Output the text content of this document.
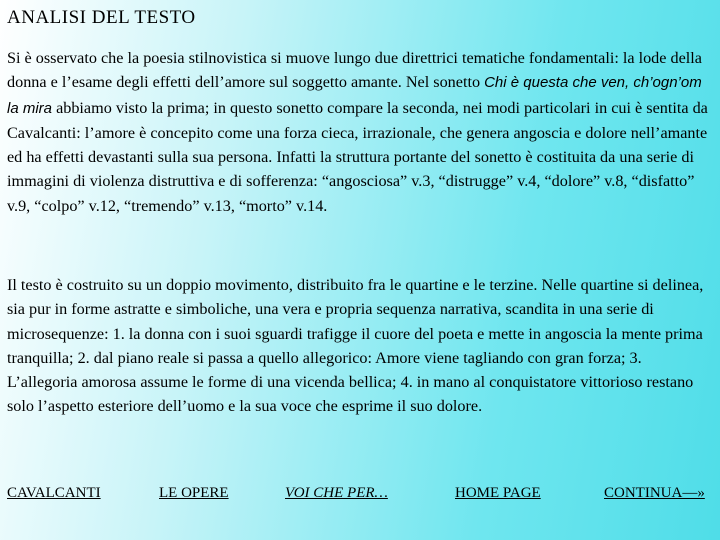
ANALISI DEL TESTO

Si è osservato che la poesia stilnovistica si muove lungo due direttrici tematiche fondamentali: la lode della donna e l’esame degli effetti dell’amore sul soggetto amante. Nel sonetto Chi è questa che ven, ch’ogn’om la mira abbiamo visto la prima; in questo sonetto compare la seconda, nei modi particolari in cui è sentita da Cavalcanti: l’amore è concepito come una forza cieca, irrazionale, che genera angoscia e dolore nell’amante ed ha effetti devastanti sulla sua persona. Infatti la struttura portante del sonetto è costituita da una serie di immagini di violenza distruttiva e di sofferenza: “angosciosa” v.3, “distrugge” v.4, “dolore” v.8, “disfatto” v.9, “colpo” v.12, “tremendo” v.13, “morto” v.14.

Il testo è costruito su un doppio movimento, distribuito fra le quartine e le terzine. Nelle quartine si delinea, sia pur in forme astratte e simboliche, una vera e propria sequenza narrativa, scandita in una serie di microsequenze: 1. la donna con i suoi sguardi trafigge il cuore del poeta e mette in angoscia la mente prima tranquilla; 2. dal piano reale si passa a quello allegorico: Amore viene tagliando con gran forza; 3. L’allegoria amorosa assume le forme di una vicenda bellica; 4. in mano al conquistatore vittorioso restano solo l’aspetto esteriore dell’uomo e la sua voce che esprime il suo dolore.

CAVALCANTI	LE OPERE	VOI CHE PER…	HOME PAGE	CONTINUA—»
